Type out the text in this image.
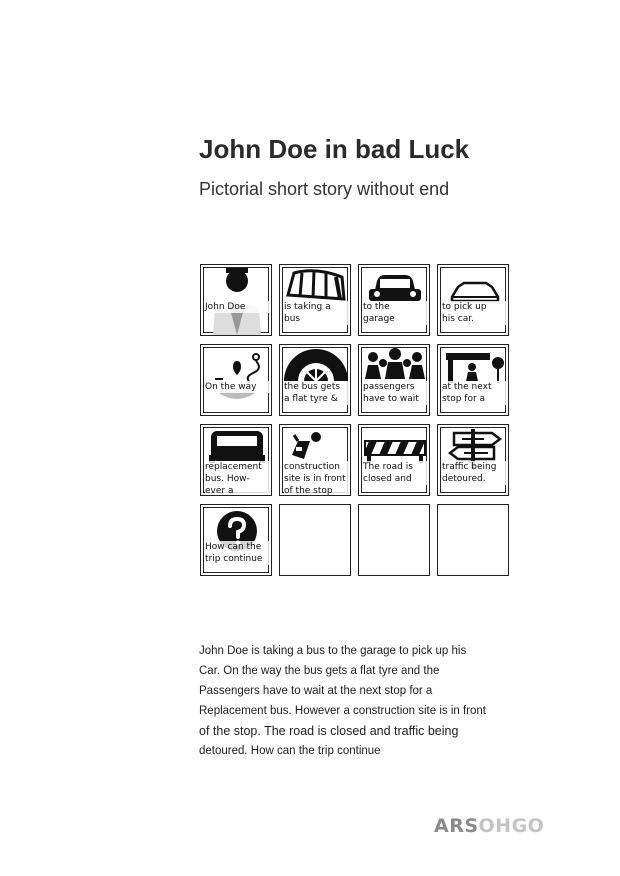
John Doe in bad Luck
Pictorial short story without end
John Doe	is taking a
bus
to the
garage
to pick up
his car.
On the way	the bus gets
a flat tyre &
passengers
have to wait
at the next
stop for a
replacement
bus. How-
ever a
construction
site is in front
of the stop
The road is
closed and
traffic being
detoured.
How can the
trip continue
John Doe is taking a bus to the garage to pick up his
Car. On the way the bus gets a flat tyre and the
Passengers have to wait at the next stop for a
Replacement bus. However a construction site is in front
of the stop. The road is closed and traffic being
detoured. How can the trip continue
ARSOHGO
